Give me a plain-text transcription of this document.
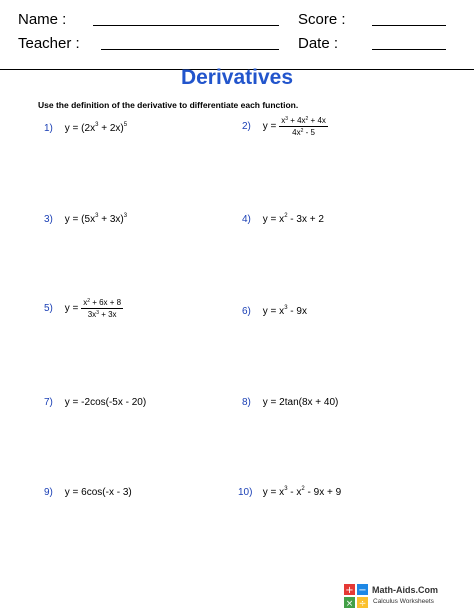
Name :	Score :
Teacher :	Date :
Derivatives
Use the definition of the derivative to differentiate each function.
1) $y = (2x^3 + 2x)^5$	2) $y = \frac{x^3 + 4x^2 + 4x}{4x^2 - 5}$
3) $y = (5x^3 + 3x)^3$	4) $y = x^2 - 3x + 2$
5) $y = \frac{x^2 + 6x + 8}{3x^3 + 3x}$	6) $y = x^3 - 9x$
7) y = -2cos(-5x - 20)	8) y = 2tan(8x + 40)
9) y = 6cos(-x - 3)	10) $y = x^3 - x^2 - 9x + 9$
+ −
× ÷
Math-Aids.Com
Calculus Worksheets
